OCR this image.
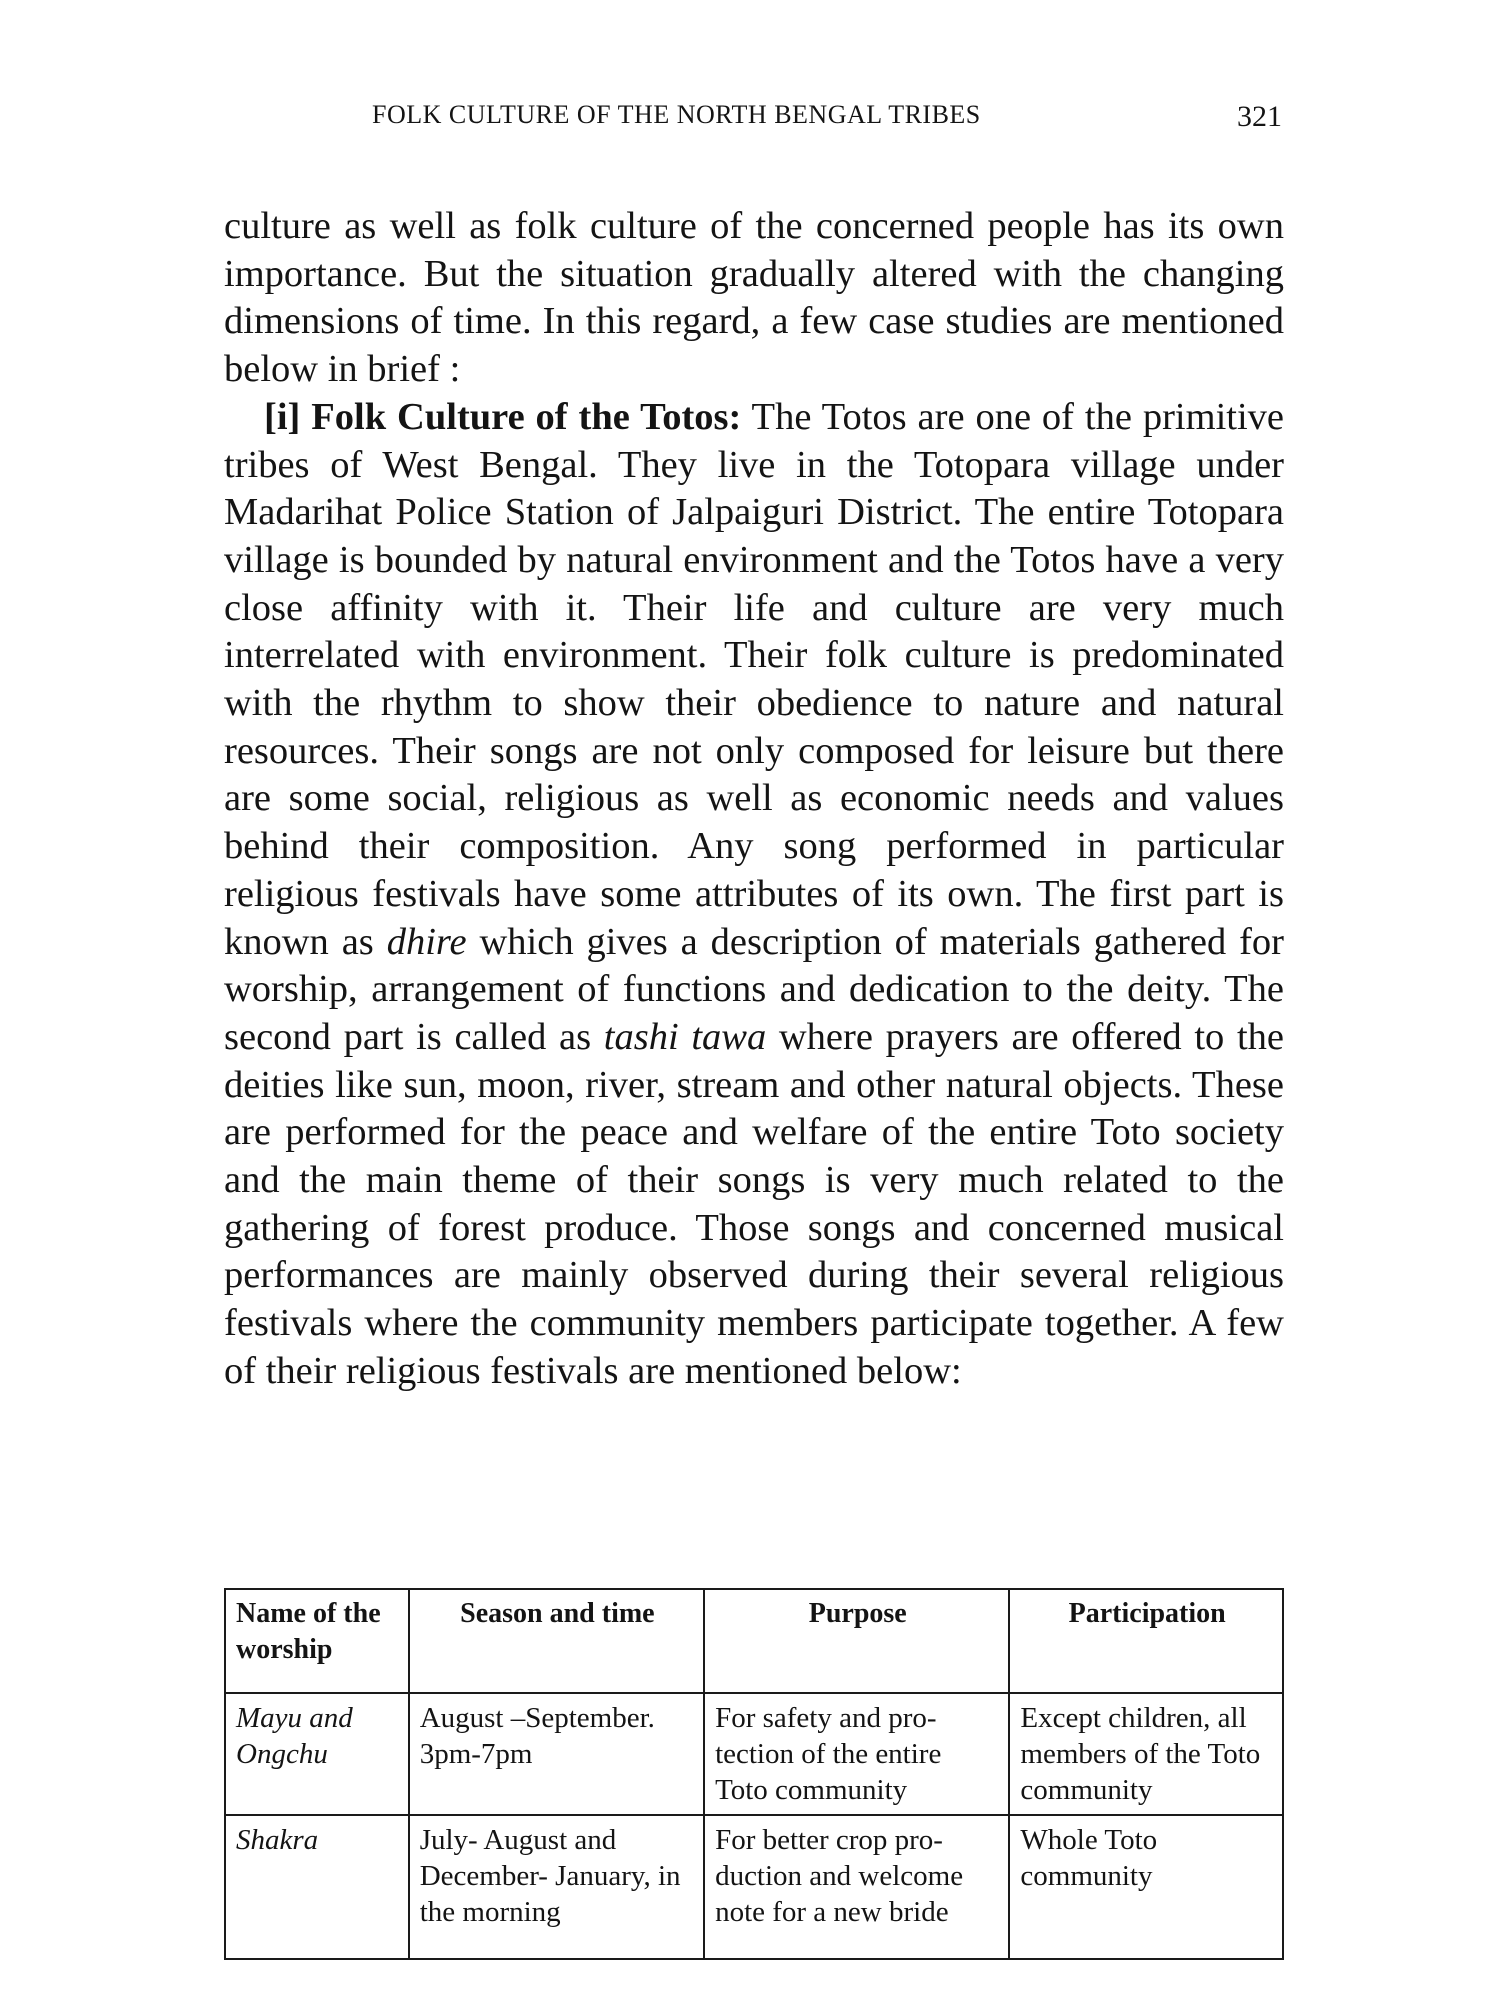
FOLK CULTURE OF THE NORTH BENGAL TRIBES	321

culture as well as folk culture of the concerned people has its own importance. But the situation gradually altered with the changing dimensions of time. In this regard, a few case studies are mentioned below in brief :

[i] Folk Culture of the Totos: The Totos are one of the primitive tribes of West Bengal. They live in the Totopara village under Madarihat Police Station of Jalpaiguri District. The entire Totopara village is bounded by natural environment and the Totos have a very close affinity with it. Their life and culture are very much interrelated with environment. Their folk culture is predominated with the rhythm to show their obedience to nature and natural resources. Their songs are not only composed for leisure but there are some social, religious as well as economic needs and values behind their composition. Any song performed in particular religious festivals have some attributes of its own. The first part is known as dhire which gives a description of materials gathered for worship, arrangement of functions and dedication to the deity. The second part is called as tashi tawa where prayers are offered to the deities like sun, moon, river, stream and other natural objects. These are performed for the peace and welfare of the entire Toto society and the main theme of their songs is very much related to the gathering of forest produce. Those songs and concerned musical performances are mainly observed during their several religious festivals where the community members participate together. A few of their religious festivals are mentioned below:

Name of the worship	Season and time	Purpose	Participation
Mayu and Ongchu	August –September. 3pm-7pm	For safety and pro- tection of the entire Toto community	Except children, all members of the Toto community
Shakra	July- August and December- January, in the morning	For better crop pro- duction and welcome note for a new bride	Whole Toto community
